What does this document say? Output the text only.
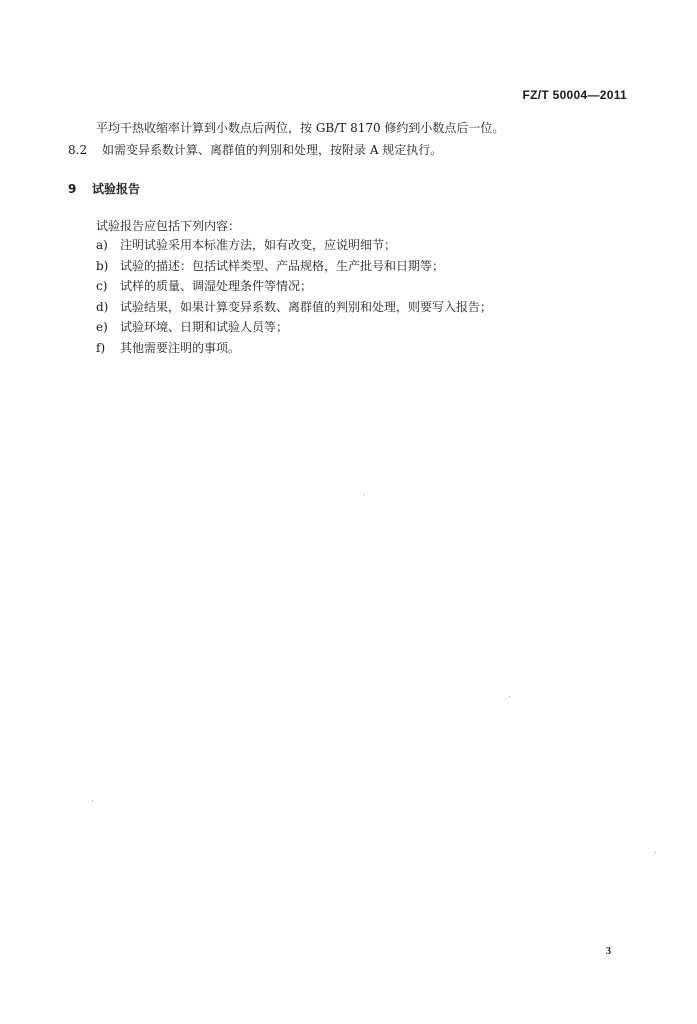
FZ/T 50004—2011
平均干热收缩率计算到小数点后两位，按 GB/T 8170 修约到小数点后一位。
8.2 如需变异系数计算、离群值的判别和处理，按附录 A 规定执行。
9 试验报告
试验报告应包括下列内容：
a) 注明试验采用本标准方法，如有改变，应说明细节；
b) 试验的描述：包括试样类型、产品规格，生产批号和日期等；
c) 试样的质量、调湿处理条件等情况；
d) 试验结果，如果计算变异系数、离群值的判别和处理，则要写入报告；
e) 试验环境、日期和试验人员等；
f) 其他需要注明的事项。
3
